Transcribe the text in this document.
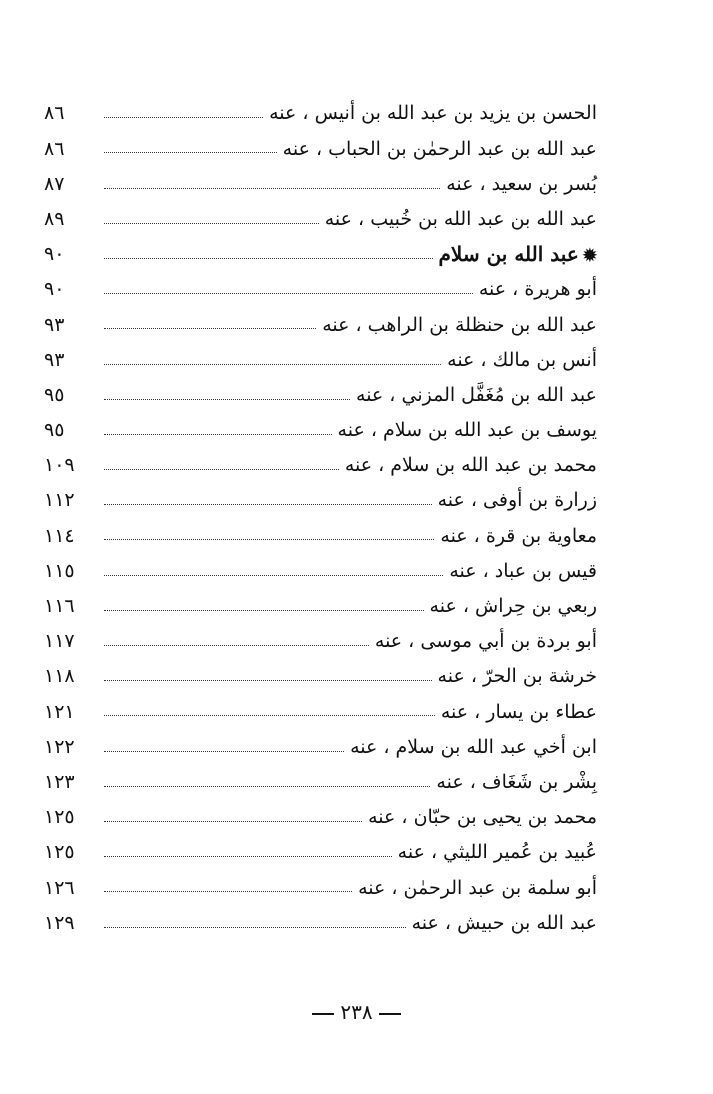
الحسن بن يزيد بن عبد الله بن أنيس ، عنه
٨٦
عبد الله بن عبد الرحمٰن بن الحباب ، عنه
٨٦
بُسر بن سعيد ، عنه
٨٧
عبد الله بن عبد الله بن خُبيب ، عنه
٨٩
✹عبد الله بن سلام
٩٠
أبو هريرة ، عنه
٩٠
عبد الله بن حنظلة بن الراهب ، عنه
٩٣
أنس بن مالك ، عنه
٩٣
عبد الله بن مُغَفَّل المزني ، عنه
٩٥
يوسف بن عبد الله بن سلام ، عنه
٩٥
محمد بن عبد الله بن سلام ، عنه
١٠٩
زرارة بن أوفى ، عنه
١١٢
معاوية بن قرة ، عنه
١١٤
قيس بن عباد ، عنه
١١٥
ربعي بن حِراش ، عنه
١١٦
أبو بردة بن أبي موسى ، عنه
١١٧
خرشة بن الحرّ ، عنه
١١٨
عطاء بن يسار ، عنه
١٢١
ابن أخي عبد الله بن سلام ، عنه
١٢٢
بِشْر بن شَغَاف ، عنه
١٢٣
محمد بن يحيى بن حبّان ، عنه
١٢٥
عُبيد بن عُمير الليثي ، عنه
١٢٥
أبو سلمة بن عبد الرحمٰن ، عنه
١٢٦
عبد الله بن حبيش ، عنه
١٢٩
٢٣٨
